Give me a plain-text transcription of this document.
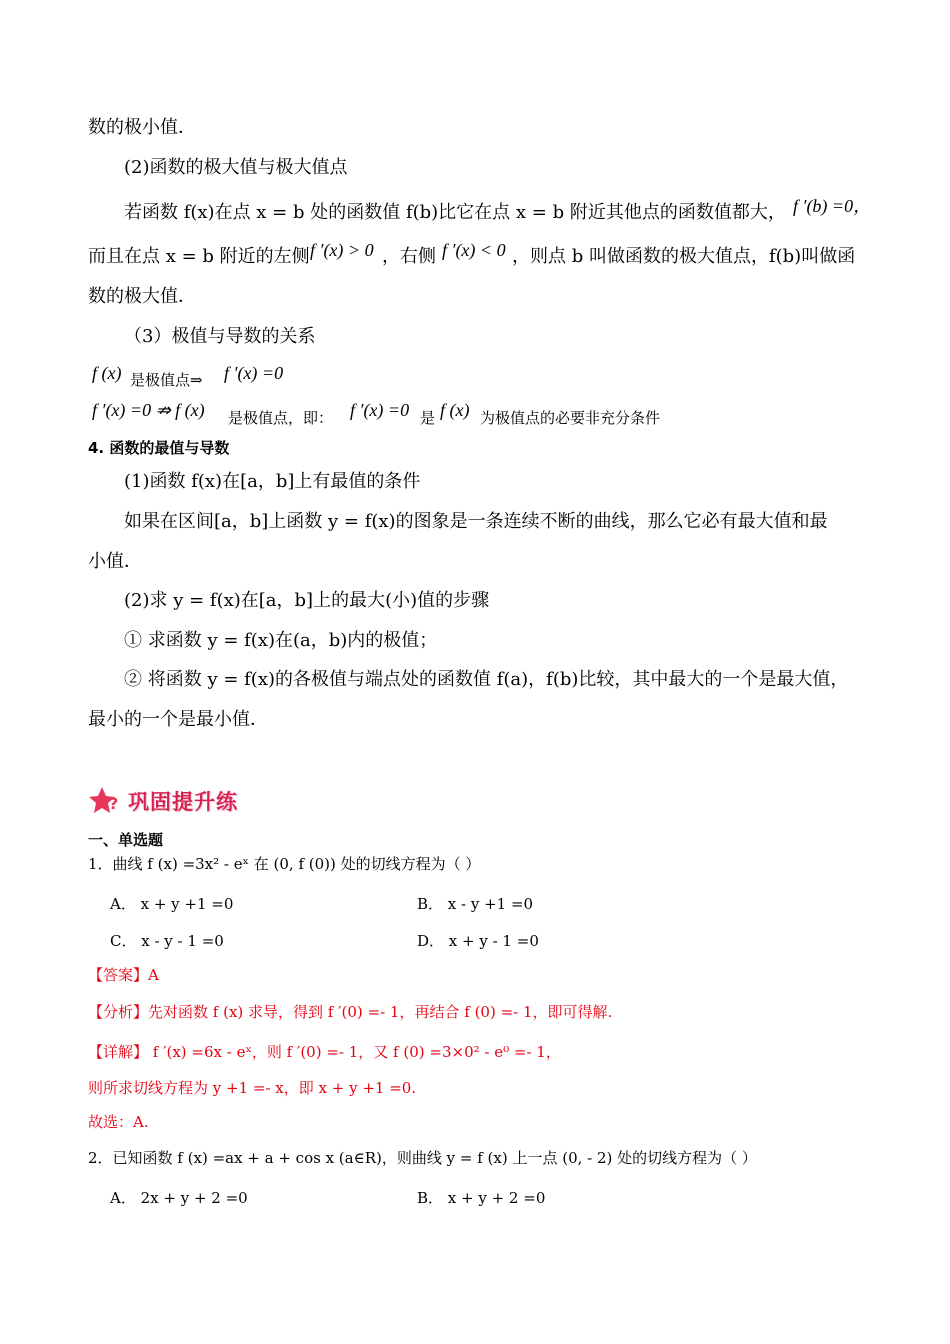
数的极小值．
(2)函数的极大值与极大值点
若函数 f(x)在点 x = b 处的函数值 f(b)比它在点 x = b 附近其他点的函数值都大， f ′(b) =0，
而且在点 x = b 附近的左侧 f ′(x) > 0 ，右侧 f ′(x) < 0 ，则点 b 叫做函数的极大值点，f(b)叫做函
数的极大值．
（3）极值与导数的关系
f (x) 是极值点⇒ f ′(x) =0
f ′(x) =0 ⇏ f (x) 是极值点，即： f ′(x) =0 是 f (x) 为极值点的必要非充分条件
4. 函数的最值与导数
(1)函数 f(x)在[a，b]上有最值的条件
如果在区间[a，b]上函数 y = f(x)的图象是一条连续不断的曲线，那么它必有最大值和最
小值．
(2)求 y = f(x)在[a，b]上的最大(小)值的步骤
① 求函数 y = f(x)在(a，b)内的极值；
② 将函数 y = f(x)的各极值与端点处的函数值 f(a)，f(b)比较，其中最大的一个是最大值，
最小的一个是最小值．
? 巩固提升练
一、单选题
1．曲线 f (x) =3x² - eˣ 在 (0, f (0)) 处的切线方程为（ ）
A． x + y +1 =0	B． x - y +1 =0
C． x - y - 1 =0	D． x + y - 1 =0
【答案】A
【分析】先对函数 f (x) 求导，得到 f ′(0) =- 1，再结合 f (0) =- 1，即可得解.
【详解】 f ′(x) =6x - eˣ，则 f ′(0) =- 1，又 f (0) =3×0² - e⁰ =- 1，
则所求切线方程为 y +1 =- x，即 x + y +1 =0.
故选：A.
2．已知函数 f (x) =ax + a + cos x (a∈R)，则曲线 y = f (x) 上一点 (0, - 2) 处的切线方程为（ ）
A． 2x + y + 2 =0	B． x + y + 2 =0
